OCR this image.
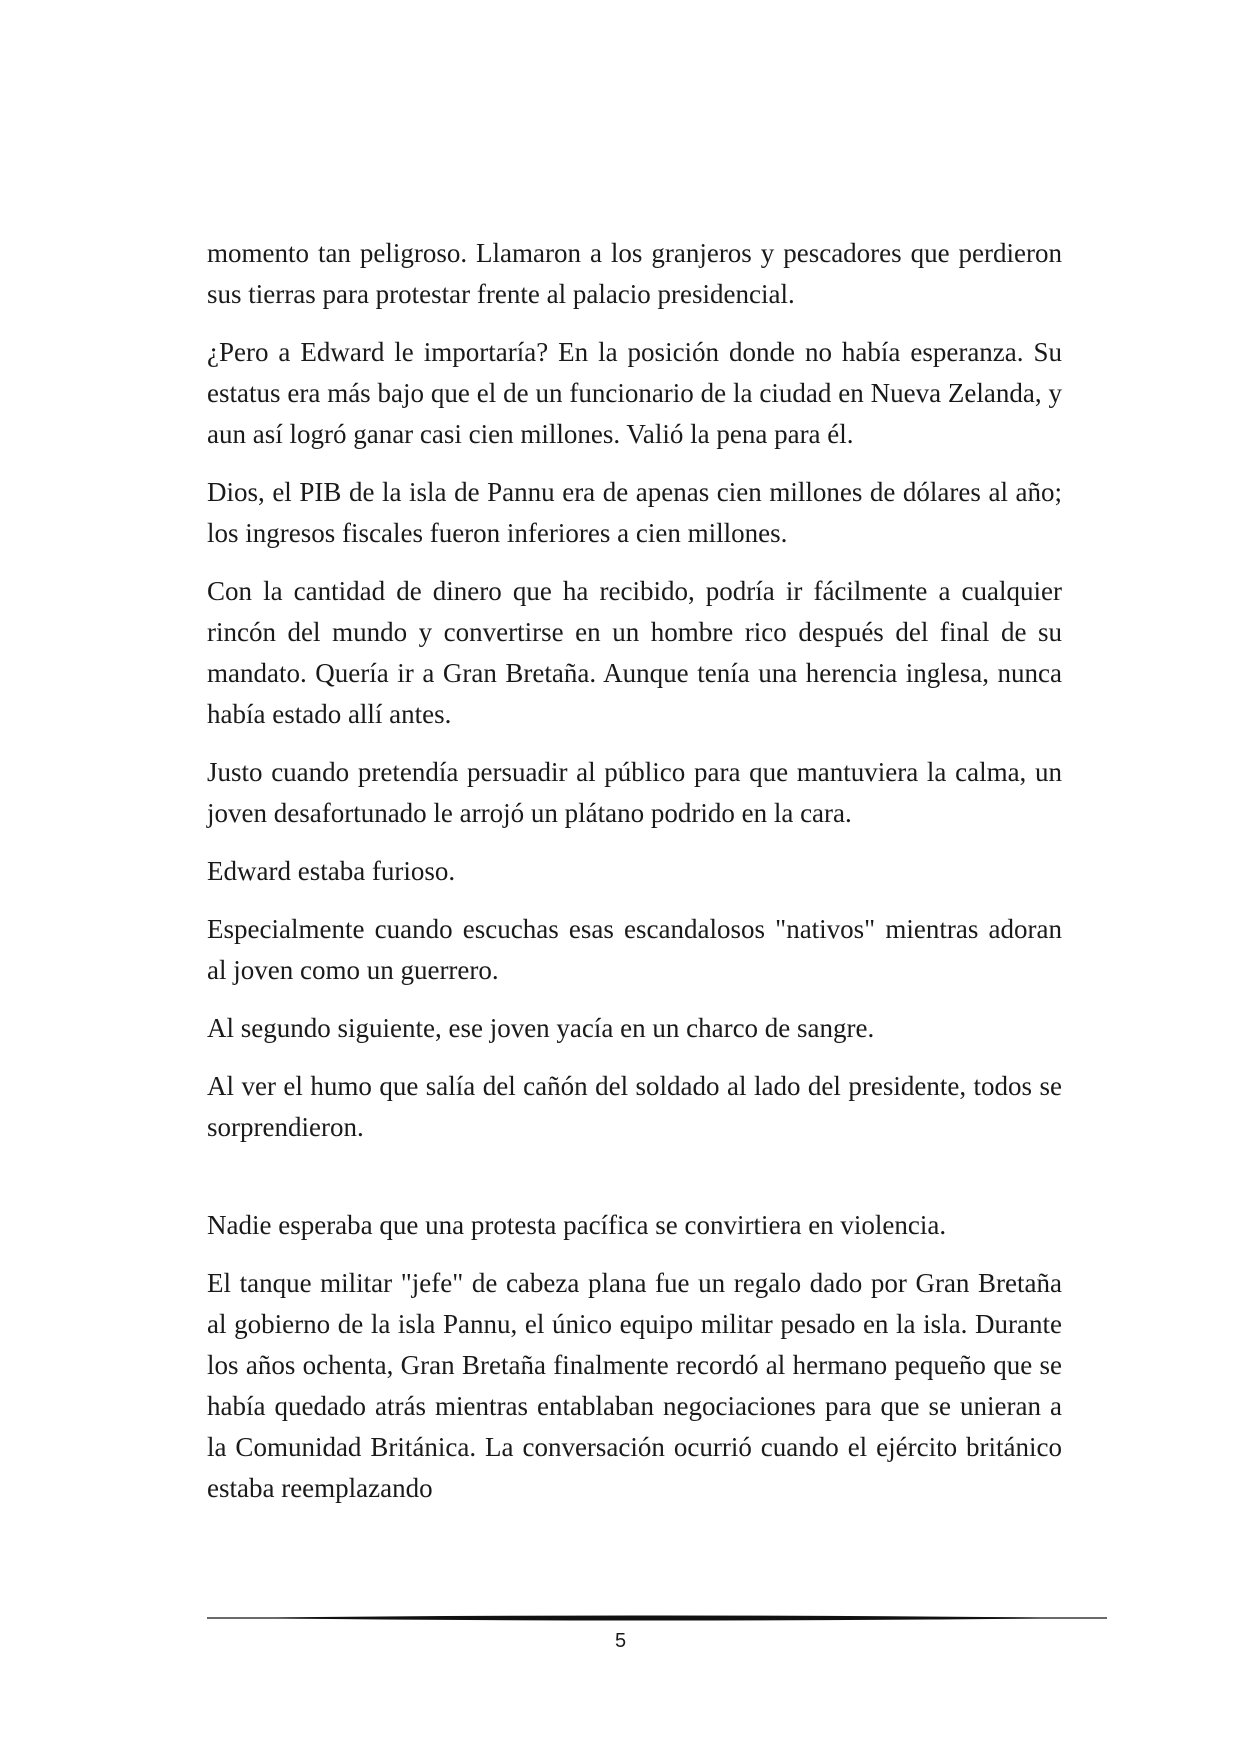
momento tan peligroso. Llamaron a los granjeros y pescadores que perdieron sus tierras para protestar frente al palacio presidencial.

¿Pero a Edward le importaría? En la posición donde no había esperanza. Su estatus era más bajo que el de un funcionario de la ciudad en Nueva Zelanda, y aun así logró ganar casi cien millones. Valió la pena para él.

Dios, el PIB de la isla de Pannu era de apenas cien millones de dólares al año; los ingresos fiscales fueron inferiores a cien millones.

Con la cantidad de dinero que ha recibido, podría ir fácilmente a cualquier rincón del mundo y convertirse en un hombre rico después del final de su mandato. Quería ir a Gran Bretaña. Aunque tenía una herencia inglesa, nunca había estado allí antes.

Justo cuando pretendía persuadir al público para que mantuviera la calma, un joven desafortunado le arrojó un plátano podrido en la cara.

Edward estaba furioso.

Especialmente cuando escuchas esas escandalosos "nativos" mientras adoran al joven como un guerrero.

Al segundo siguiente, ese joven yacía en un charco de sangre.

Al ver el humo que salía del cañón del soldado al lado del presidente, todos se sorprendieron.

Nadie esperaba que una protesta pacífica se convirtiera en violencia.

El tanque militar "jefe" de cabeza plana fue un regalo dado por Gran Bretaña al gobierno de la isla Pannu, el único equipo militar pesado en la isla. Durante los años ochenta, Gran Bretaña finalmente recordó al hermano pequeño que se había quedado atrás mientras entablaban negociaciones para que se unieran a la Comunidad Británica. La conversación ocurrió cuando el ejército británico estaba reemplazando

5
